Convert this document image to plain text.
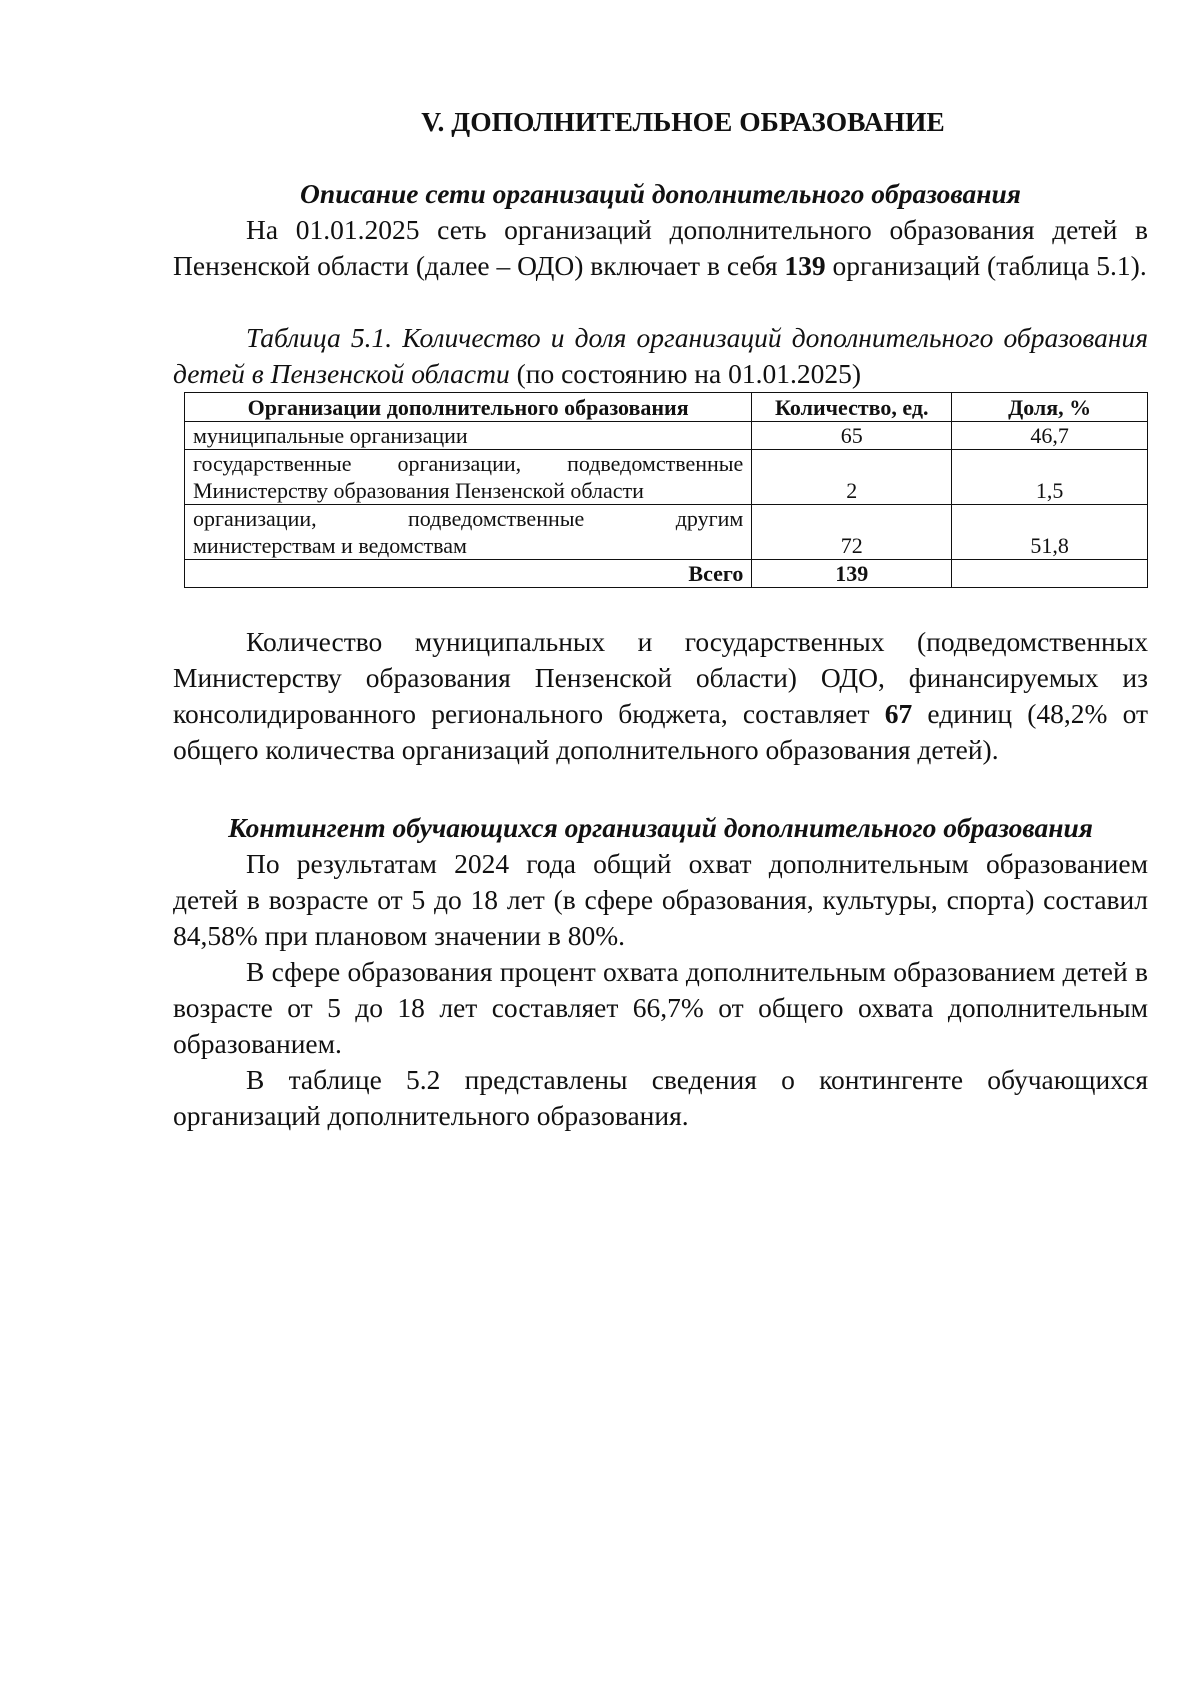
V. ДОПОЛНИТЕЛЬНОЕ ОБРАЗОВАНИЕ

Описание сети организаций дополнительного образования

На 01.01.2025 сеть организаций дополнительного образования детей в Пензенской области (далее – ОДО) включает в себя 139 организаций (таблица 5.1).

Таблица 5.1. Количество и доля организаций дополнительного образования детей в Пензенской области (по состоянию на 01.01.2025)

Организации дополнительного образования	Количество, ед.	Доля, %
муниципальные организации	65	46,7

государственные организации, подведомственные
Министерству образования Пензенской области	2	1,5

организации, подведомственные другим
министерствам и ведомствам	72	51,8
Всего	139	

Количество муниципальных и государственных (подведомственных Министерству образования Пензенской области) ОДО, финансируемых из консолидированного регионального бюджета, составляет 67 единиц (48,2% от общего количества организаций дополнительного образования детей).

Контингент обучающихся организаций дополнительного образования

По результатам 2024 года общий охват дополнительным образованием детей в возрасте от 5 до 18 лет (в сфере образования, культуры, спорта) составил 84,58% при плановом значении в 80%.

В сфере образования процент охвата дополнительным образованием детей в возрасте от 5 до 18 лет составляет 66,7% от общего охвата дополнительным образованием.

В таблице 5.2 представлены сведения о контингенте обучающихся организаций дополнительного образования.
